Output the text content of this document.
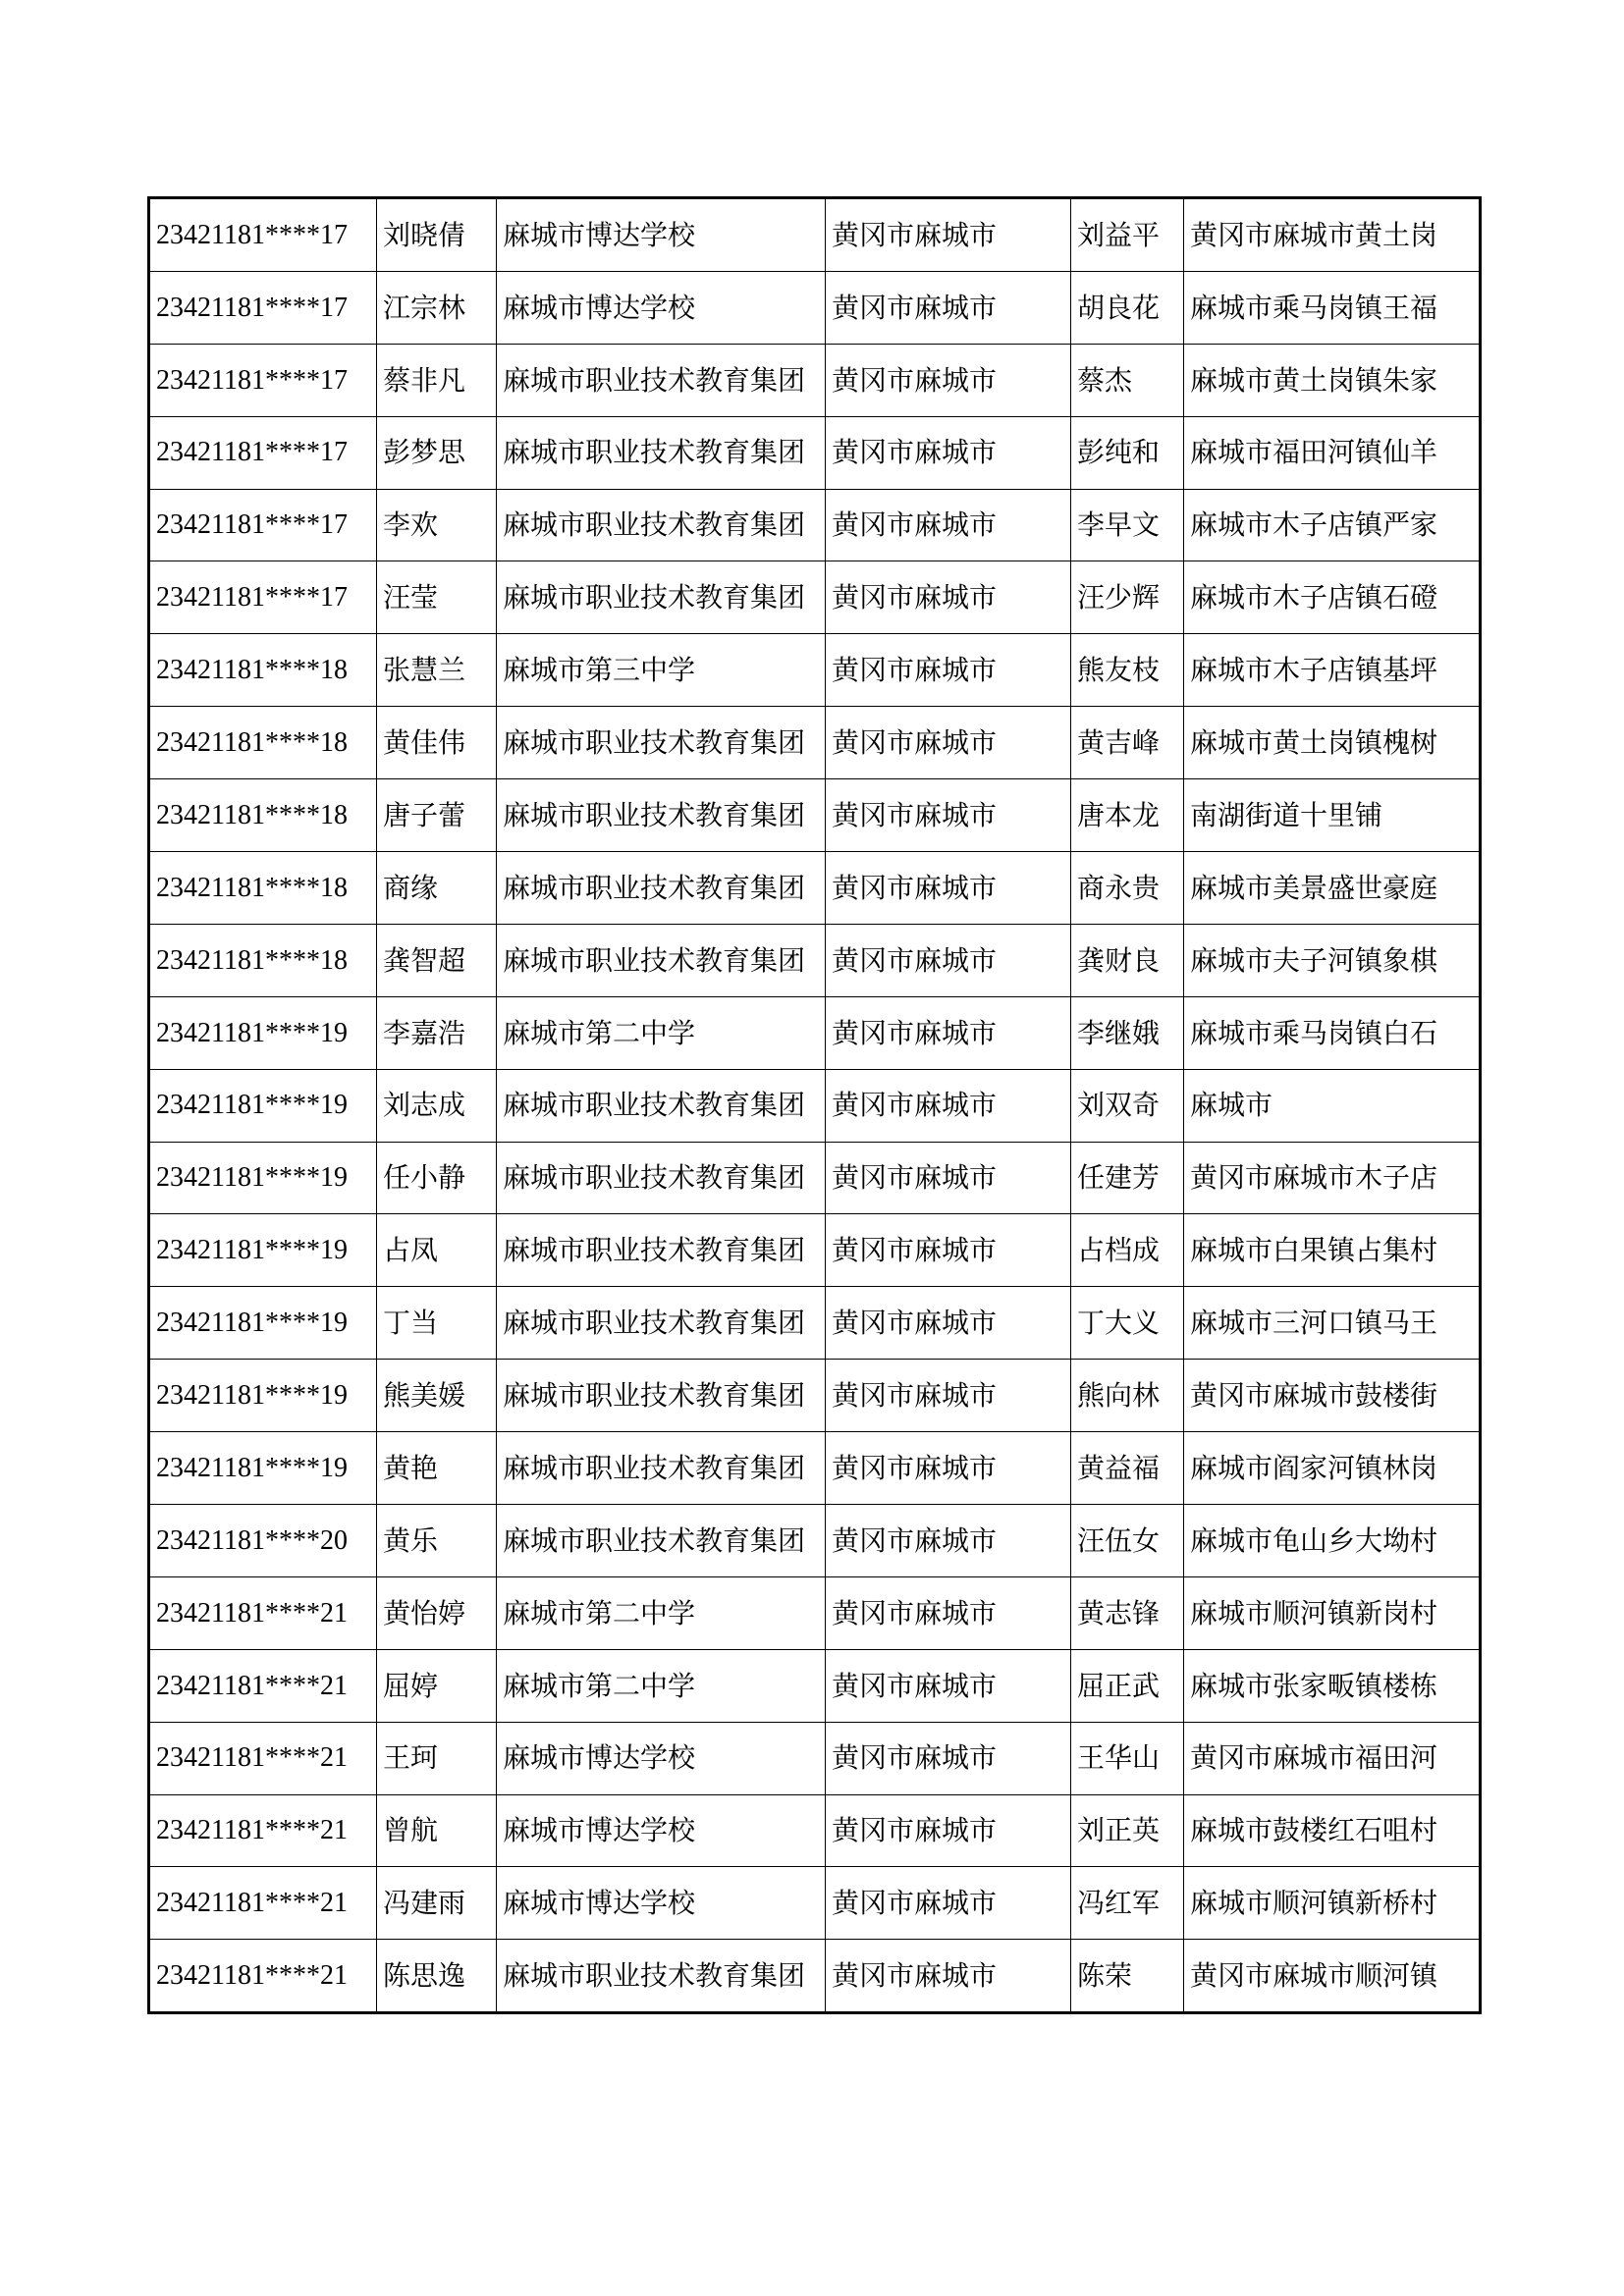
23421181****17	刘晓倩	麻城市博达学校	黄冈市麻城市	刘益平	黄冈市麻城市黄土岗
23421181****17	江宗林	麻城市博达学校	黄冈市麻城市	胡良花	麻城市乘马岗镇王福
23421181****17	蔡非凡	麻城市职业技术教育集团	黄冈市麻城市	蔡杰	麻城市黄土岗镇朱家
23421181****17	彭梦思	麻城市职业技术教育集团	黄冈市麻城市	彭纯和	麻城市福田河镇仙羊
23421181****17	李欢	麻城市职业技术教育集团	黄冈市麻城市	李早文	麻城市木子店镇严家
23421181****17	汪莹	麻城市职业技术教育集团	黄冈市麻城市	汪少辉	麻城市木子店镇石磴
23421181****18	张慧兰	麻城市第三中学	黄冈市麻城市	熊友枝	麻城市木子店镇基坪
23421181****18	黄佳伟	麻城市职业技术教育集团	黄冈市麻城市	黄吉峰	麻城市黄土岗镇槐树
23421181****18	唐子蕾	麻城市职业技术教育集团	黄冈市麻城市	唐本龙	南湖街道十里铺
23421181****18	商缘	麻城市职业技术教育集团	黄冈市麻城市	商永贵	麻城市美景盛世豪庭
23421181****18	龚智超	麻城市职业技术教育集团	黄冈市麻城市	龚财良	麻城市夫子河镇象棋
23421181****19	李嘉浩	麻城市第二中学	黄冈市麻城市	李继娥	麻城市乘马岗镇白石
23421181****19	刘志成	麻城市职业技术教育集团	黄冈市麻城市	刘双奇	麻城市
23421181****19	任小静	麻城市职业技术教育集团	黄冈市麻城市	任建芳	黄冈市麻城市木子店
23421181****19	占凤	麻城市职业技术教育集团	黄冈市麻城市	占档成	麻城市白果镇占集村
23421181****19	丁当	麻城市职业技术教育集团	黄冈市麻城市	丁大义	麻城市三河口镇马王
23421181****19	熊美媛	麻城市职业技术教育集团	黄冈市麻城市	熊向林	黄冈市麻城市鼓楼街
23421181****19	黄艳	麻城市职业技术教育集团	黄冈市麻城市	黄益福	麻城市阎家河镇林岗
23421181****20	黄乐	麻城市职业技术教育集团	黄冈市麻城市	汪伍女	麻城市龟山乡大坳村
23421181****21	黄怡婷	麻城市第二中学	黄冈市麻城市	黄志锋	麻城市顺河镇新岗村
23421181****21	屈婷	麻城市第二中学	黄冈市麻城市	屈正武	麻城市张家畈镇楼栋
23421181****21	王珂	麻城市博达学校	黄冈市麻城市	王华山	黄冈市麻城市福田河
23421181****21	曾航	麻城市博达学校	黄冈市麻城市	刘正英	麻城市鼓楼红石咀村
23421181****21	冯建雨	麻城市博达学校	黄冈市麻城市	冯红军	麻城市顺河镇新桥村
23421181****21	陈思逸	麻城市职业技术教育集团	黄冈市麻城市	陈荣	黄冈市麻城市顺河镇
